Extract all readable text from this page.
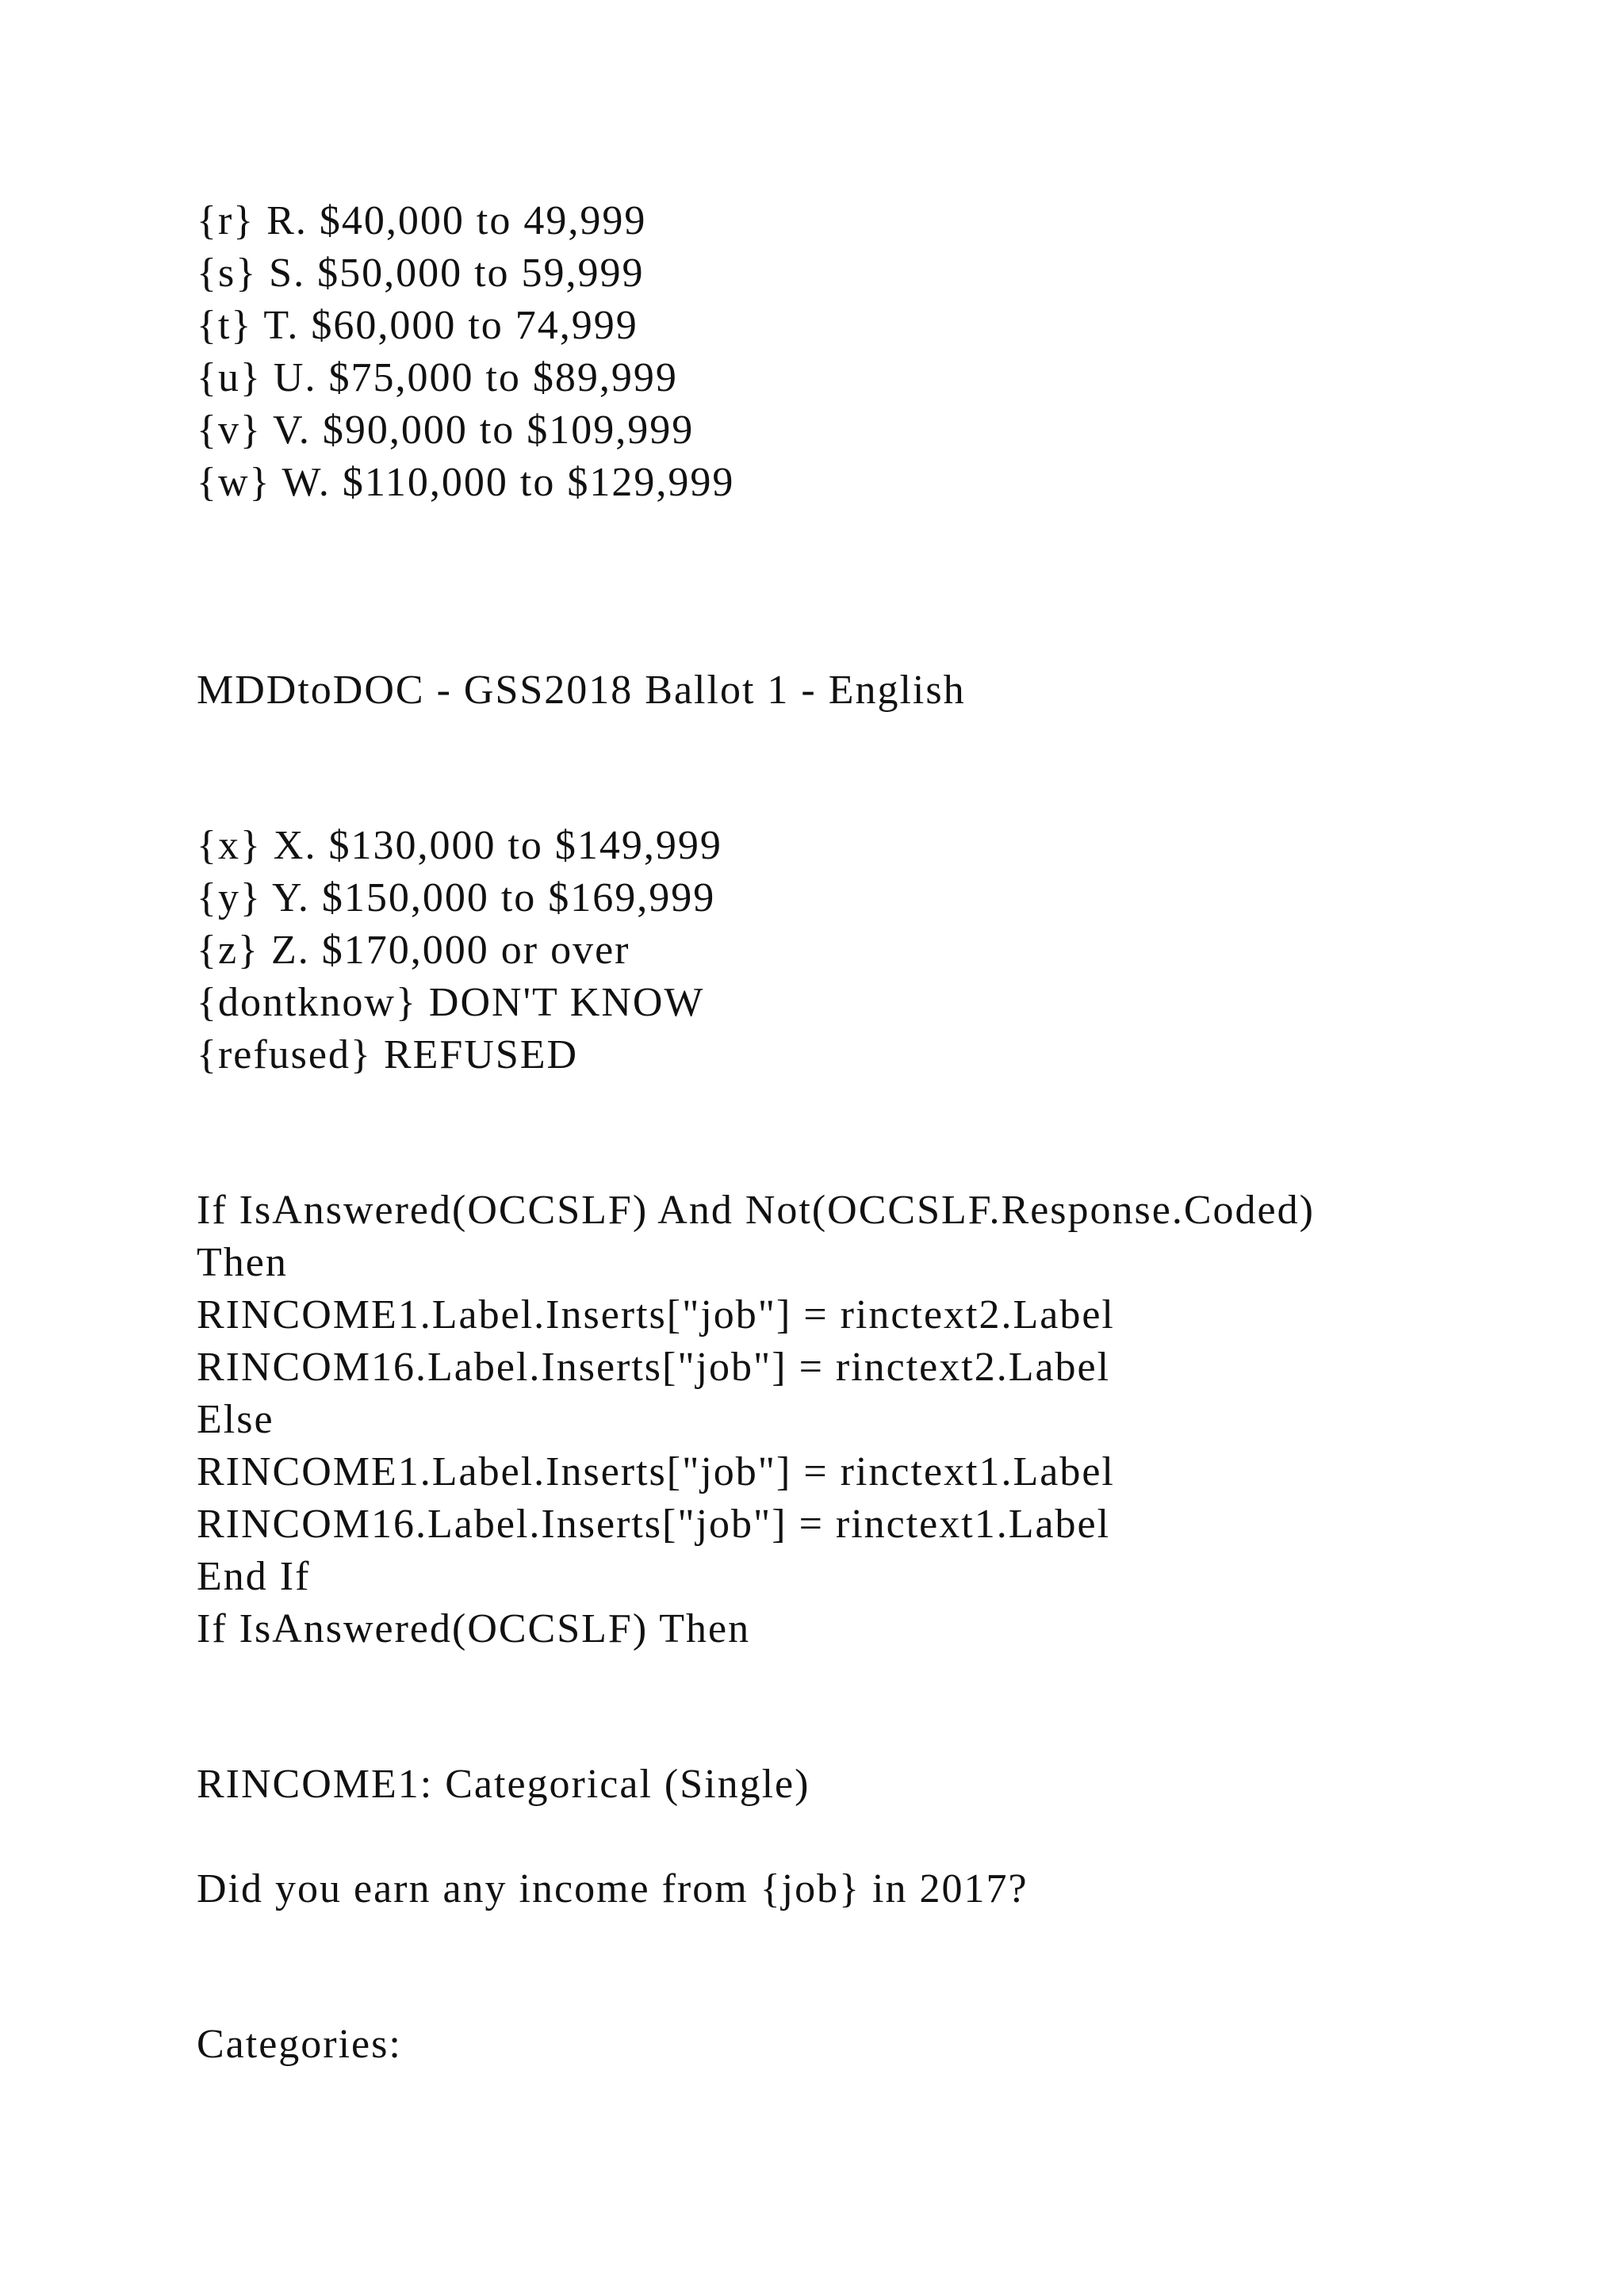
{r} R. $40,000 to 49,999

{s} S. $50,000 to 59,999

{t} T. $60,000 to 74,999

{u} U. $75,000 to $89,999

{v} V. $90,000 to $109,999

{w} W. $110,000 to $129,999

MDDtoDOC - GSS2018 Ballot 1 - English

{x} X. $130,000 to $149,999

{y} Y. $150,000 to $169,999

{z} Z. $170,000 or over

{dontknow} DON'T KNOW

{refused} REFUSED

If IsAnswered(OCCSLF) And Not(OCCSLF.Response.Coded)

Then

RINCOME1.Label.Inserts["job"] = rinctext2.Label

RINCOM16.Label.Inserts["job"] = rinctext2.Label

Else

RINCOME1.Label.Inserts["job"] = rinctext1.Label

RINCOM16.Label.Inserts["job"] = rinctext1.Label

End If

If IsAnswered(OCCSLF) Then

RINCOME1: Categorical (Single)

Did you earn any income from {job} in 2017?

Categories:
